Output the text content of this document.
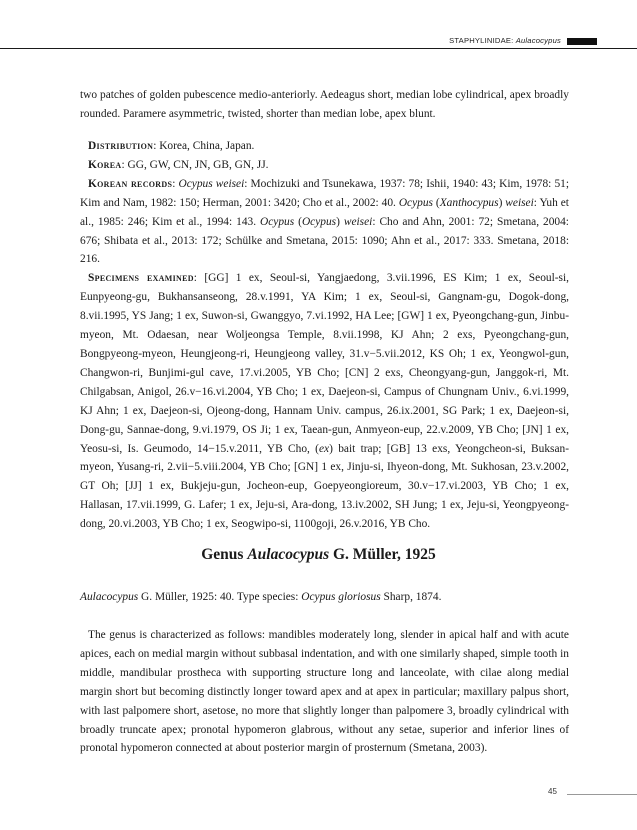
STAPHYLINIDAE: Aulacocypus

two patches of golden pubescence medio-anteriorly. Aedeagus short, median lobe cylindrical, apex broadly rounded. Paramere asymmetric, twisted, shorter than median lobe, apex blunt.

Distribution: Korea, China, Japan.

Korea: GG, GW, CN, JN, GB, GN, JJ.

Korean records: Ocypus weisei: Mochizuki and Tsunekawa, 1937: 78; Ishii, 1940: 43; Kim, 1978: 51; Kim and Nam, 1982: 150; Herman, 2001: 3420; Cho et al., 2002: 40. Ocypus (Xanthocypus) weisei: Yuh et al., 1985: 246; Kim et al., 1994: 143. Ocypus (Ocypus) weisei: Cho and Ahn, 2001: 72; Smetana, 2004: 676; Shibata et al., 2013: 172; Schülke and Smetana, 2015: 1090; Ahn et al., 2017: 333. Smetana, 2018: 216.

Specimens examined: [GG] 1 ex, Seoul-si, Yangjaedong, 3.vii.1996, ES Kim; 1 ex, Seoul-si, Eunpyeong-gu, Bukhansanseong, 28.v.1991, YA Kim; 1 ex, Seoul-si, Gangnam-gu, Dogok-dong, 8.vii.1995, YS Jang; 1 ex, Suwon-si, Gwanggyo, 7.vi.1992, HA Lee; [GW] 1 ex, Pyeongchang-gun, Jinbu-myeon, Mt. Odaesan, near Woljeongsa Temple, 8.vii.1998, KJ Ahn; 2 exs, Pyeongchang-gun, Bongpyeong-myeon, Heungjeong-ri, Heungjeong valley, 31.v−5.vii.2012, KS Oh; 1 ex, Yeongwol-gun, Changwon-ri, Bunjimi-gul cave, 17.vi.2005, YB Cho; [CN] 2 exs, Cheongyang-gun, Janggok-ri, Mt. Chilgabsan, Anigol, 26.v−16.vi.2004, YB Cho; 1 ex, Daejeon-si, Campus of Chungnam Univ., 6.vi.1999, KJ Ahn; 1 ex, Daejeon-si, Ojeong-dong, Hannam Univ. campus, 26.ix.2001, SG Park; 1 ex, Daejeon-si, Dong-gu, Sannae-dong, 9.vi.1979, OS Ji; 1 ex, Taean-gun, Anmyeon-eup, 22.v.2009, YB Cho; [JN] 1 ex, Yeosu-si, Is. Geumodo, 14−15.v.2011, YB Cho, (ex) bait trap; [GB] 13 exs, Yeongcheon-si, Buksan-myeon, Yusang-ri, 2.vii−5.viii.2004, YB Cho; [GN] 1 ex, Jinju-si, Ihyeon-dong, Mt. Sukhosan, 23.v.2002, GT Oh; [JJ] 1 ex, Bukjeju-gun, Jocheon-eup, Goepyeongioreum, 30.v−17.vi.2003, YB Cho; 1 ex, Hallasan, 17.vii.1999, G. Lafer; 1 ex, Jeju-si, Ara-dong, 13.iv.2002, SH Jung; 1 ex, Jeju-si, Yeongpyeong-dong, 20.vi.2003, YB Cho; 1 ex, Seogwipo-si, 1100goji, 26.v.2016, YB Cho.

Genus Aulacocypus G. Müller, 1925

Aulacocypus G. Müller, 1925: 40. Type species: Ocypus gloriosus Sharp, 1874.

The genus is characterized as follows: mandibles moderately long, slender in apical half and with acute apices, each on medial margin without subbasal indentation, and with one similarly shaped, simple tooth in middle, mandibular prostheca with supporting structure long and lanceolate, with cilae along medial margin short but becoming distinctly longer toward apex and at apex in particular; maxillary palpus short, with last palpomere short, asetose, no more that slightly longer than palpomere 3, broadly cylindrical with broadly truncate apex; pronotal hypomeron glabrous, without any setae, superior and inferior lines of pronotal hypomeron connected at about posterior margin of prosternum (Smetana, 2003).

45
